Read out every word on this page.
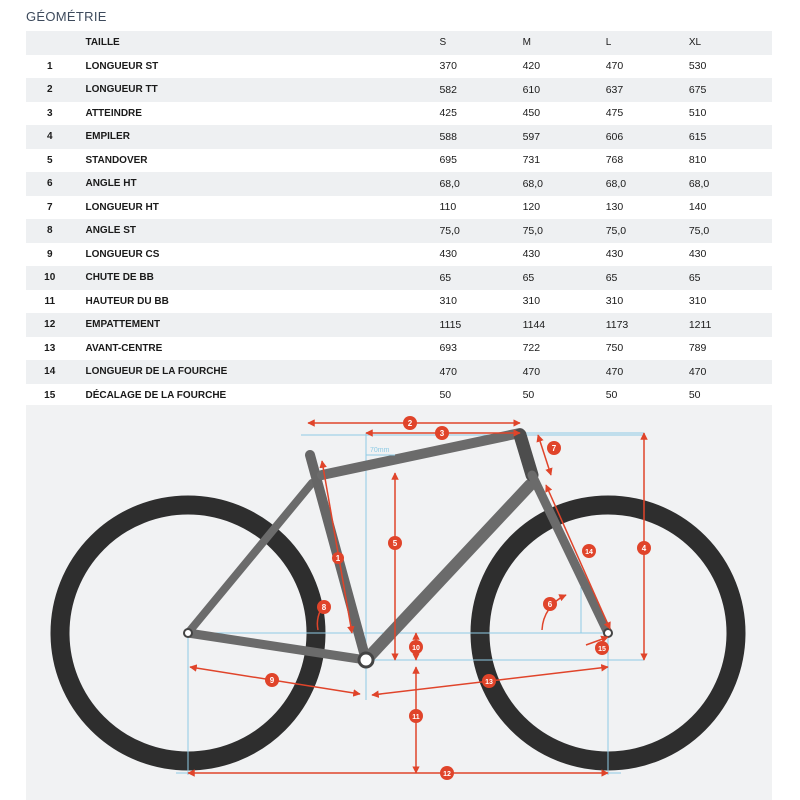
GÉOMÉTRIE
	TAILLE	S	M	L	XL
1	LONGUEUR ST	370	420	470	530
2	LONGUEUR TT	582	610	637	675
3	ATTEINDRE	425	450	475	510
4	EMPILER	588	597	606	615
5	STANDOVER	695	731	768	810
6	ANGLE HT	68,0	68,0	68,0	68,0
7	LONGUEUR HT	110	120	130	140
8	ANGLE ST	75,0	75,0	75,0	75,0
9	LONGUEUR CS	430	430	430	430
10	CHUTE DE BB	65	65	65	65
11	HAUTEUR DU BB	310	310	310	310
12	EMPATTEMENT	1115	1144	1173	1211
13	AVANT-CENTRE	693	722	750	789
14	LONGUEUR DE LA FOURCHE	470	470	470	470
15	DÉCALAGE DE LA FOURCHE	50	50	50	50
70mm
1
2
3
4
5
6
7
8
9
10
11
12
13
14
15
